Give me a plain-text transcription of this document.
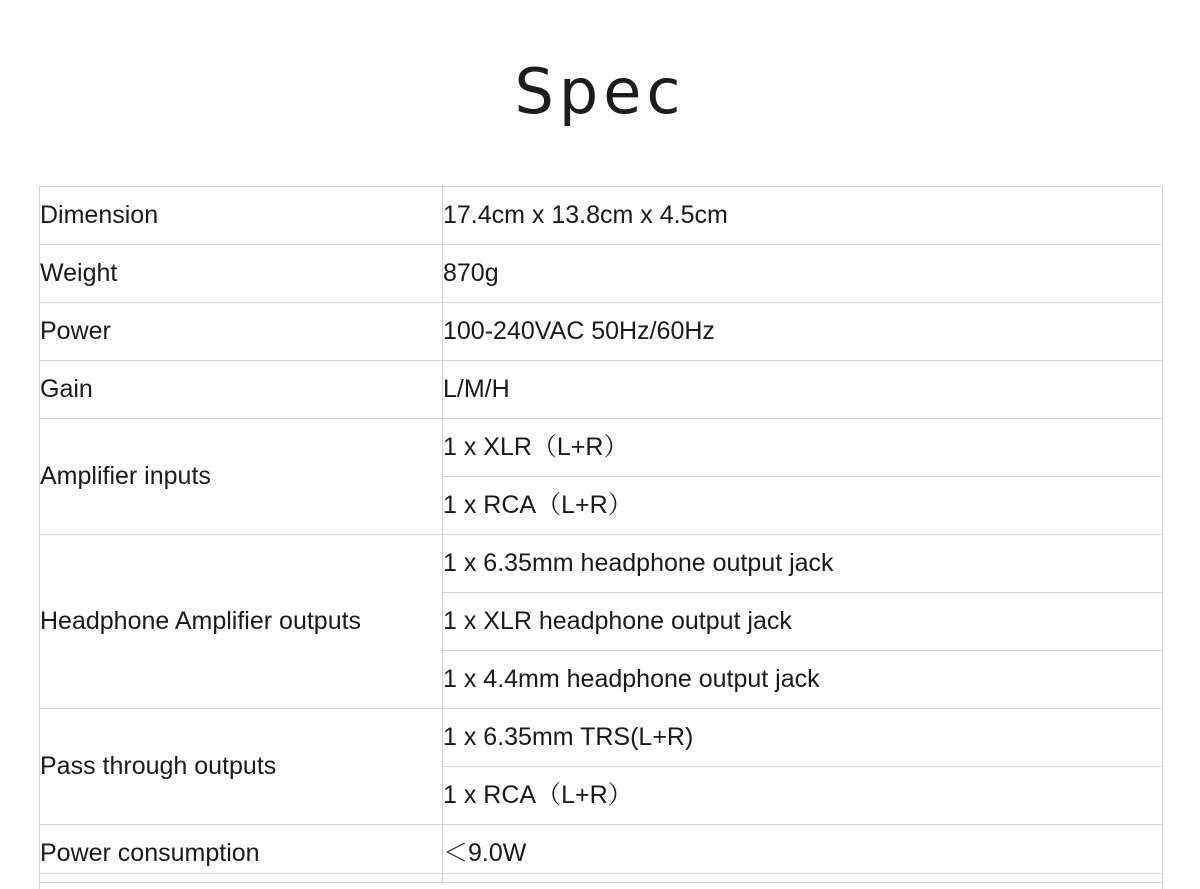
Spec
Dimension	17.4cm x 13.8cm x 4.5cm
Weight	870g
Power	100-240VAC 50Hz/60Hz
Gain	L/M/H
Amplifier inputs	1 x XLR（L+R）
	1 x RCA（L+R）
Headphone Amplifier outputs	1 x 6.35mm headphone output jack
	1 x XLR headphone output jack
	1 x 4.4mm headphone output jack
Pass through outputs	1 x 6.35mm TRS(L+R)
	1 x RCA（L+R）
Power consumption	＜9.0W
